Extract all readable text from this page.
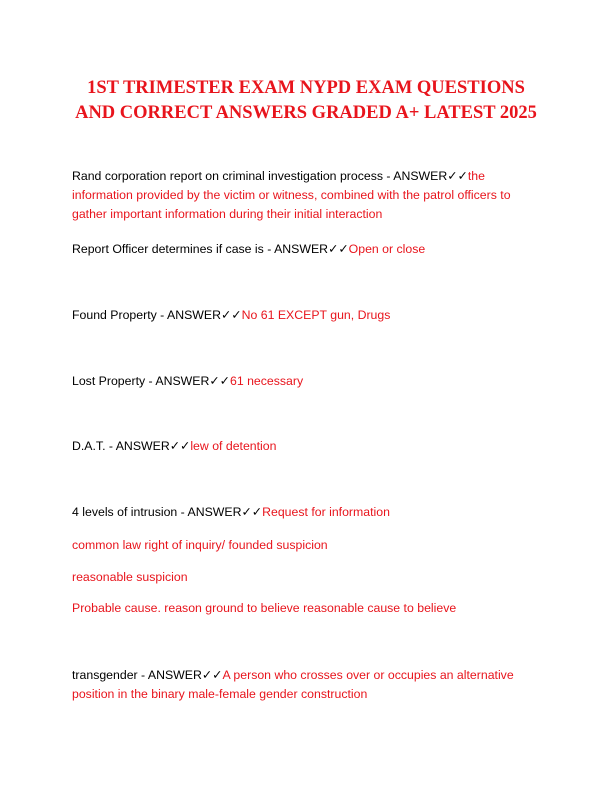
1ST TRIMESTER EXAM NYPD EXAM QUESTIONS
AND CORRECT ANSWERS GRADED A+ LATEST 2025
Rand corporation report on criminal investigation process - ANSWER✓✓the information provided by the victim or witness, combined with the patrol officers to gather important information during their initial interaction
Report Officer determines if case is - ANSWER✓✓Open or close
Found Property - ANSWER✓✓No 61 EXCEPT gun, Drugs
Lost Property - ANSWER✓✓61 necessary
D.A.T. - ANSWER✓✓lew of detention
4 levels of intrusion - ANSWER✓✓Request for information
common law right of inquiry/ founded suspicion
reasonable suspicion
Probable cause. reason ground to believe reasonable cause to believe
transgender - ANSWER✓✓A person who crosses over or occupies an alternative position in the binary male-female gender construction
